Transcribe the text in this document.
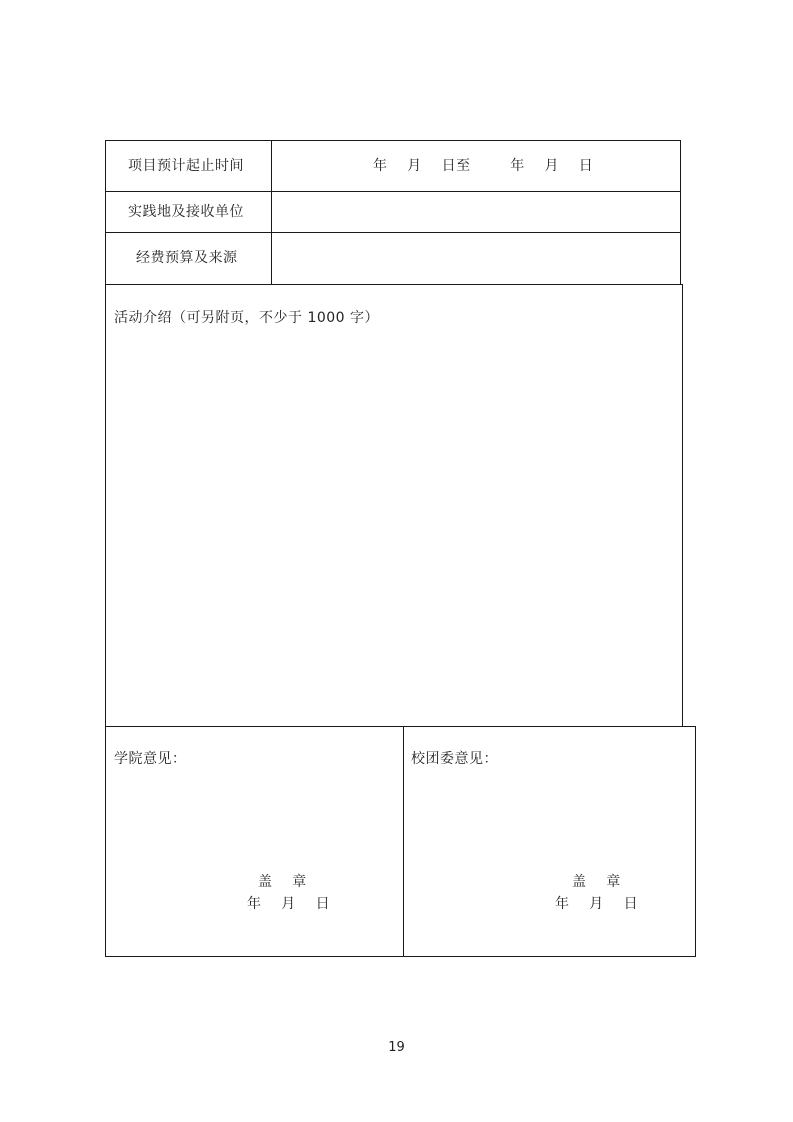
项目预计起止时间	年    月    日至        年    月    日
实践地及接收单位
经费预算及来源
活动介绍（可另附页，不少于 1000 字）
学院意见：
盖    章
年    月    日
校团委意见：
盖    章
年    月    日
19
